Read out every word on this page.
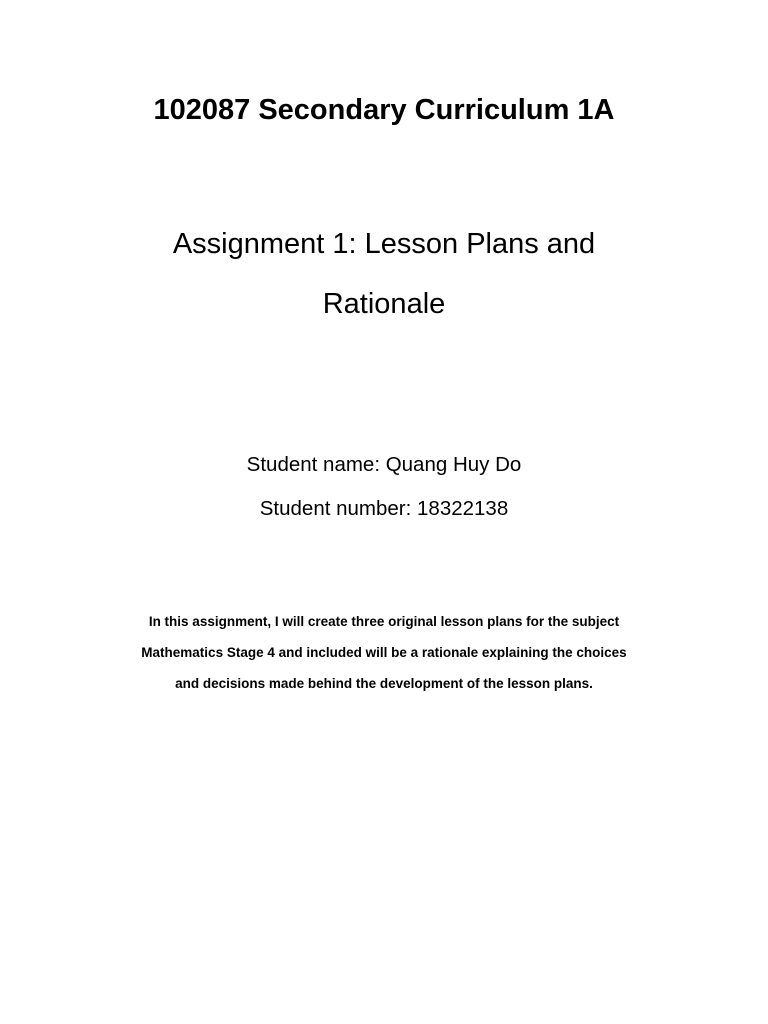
102087 Secondary Curriculum 1A
Assignment 1: Lesson Plans and
Rationale
Student name: Quang Huy Do
Student number: 18322138

In this assignment, I will create three original lesson plans for the subject
Mathematics Stage 4 and included will be a rationale explaining the choices
and decisions made behind the development of the lesson plans.
